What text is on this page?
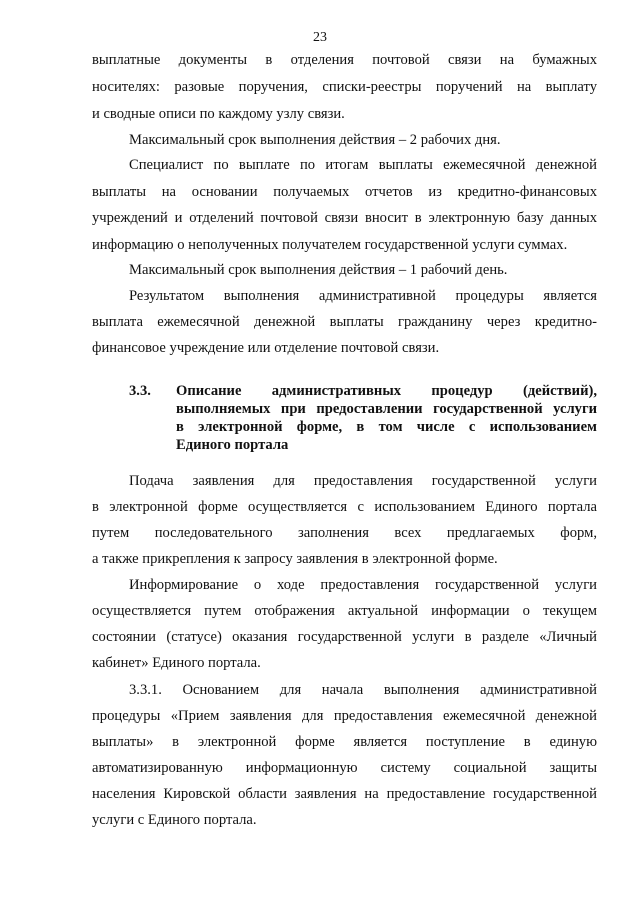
23
выплатные документы в отделения почтовой связи на бумажных
носителях: разовые поручения, списки-реестры поручений на выплату
и сводные описи по каждому узлу связи.
Максимальный срок выполнения действия – 2 рабочих дня.
Специалист по выплате по итогам выплаты ежемесячной денежной
выплаты на основании получаемых отчетов из кредитно-финансовых
учреждений и отделений почтовой связи вносит в электронную базу данных
информацию о неполученных получателем государственной услуги суммах.
Максимальный срок выполнения действия – 1 рабочий день.
Результатом выполнения административной процедуры является
выплата ежемесячной денежной выплаты гражданину через кредитно-
финансовое учреждение или отделение почтовой связи.
3.3. Описание административных процедур (действий),
выполняемых при предоставлении государственной услуги
в электронной форме, в том числе с использованием
Единого портала
Подача заявления для предоставления государственной услуги
в электронной форме осуществляется с использованием Единого портала
путем последовательного заполнения всех предлагаемых форм,
а также прикрепления к запросу заявления в электронной форме.
Информирование о ходе предоставления государственной услуги
осуществляется путем отображения актуальной информации о текущем
состоянии (статусе) оказания государственной услуги в разделе «Личный
кабинет» Единого портала.
3.3.1. Основанием для начала выполнения административной
процедуры «Прием заявления для предоставления ежемесячной денежной
выплаты» в электронной форме является поступление в единую
автоматизированную информационную систему социальной защиты
населения Кировской области заявления на предоставление государственной
услуги с Единого портала.
